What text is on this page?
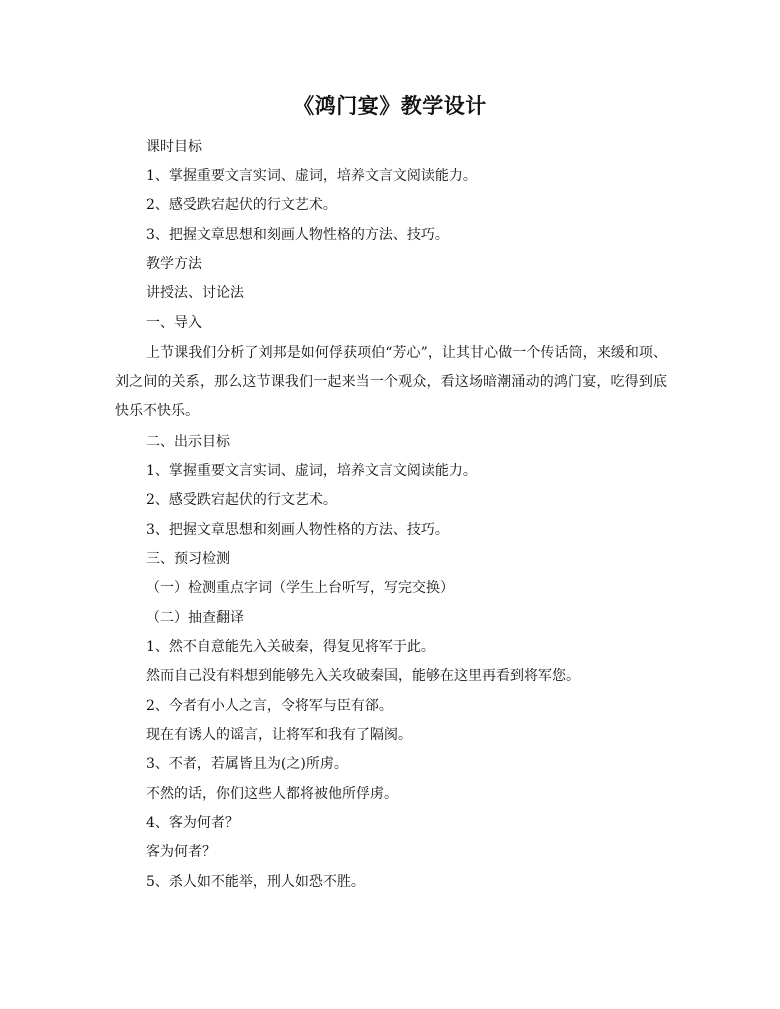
《鸿门宴》教学设计
课时目标
1、掌握重要文言实词、虚词，培养文言文阅读能力。
2、感受跌宕起伏的行文艺术。
3、把握文章思想和刻画人物性格的方法、技巧。
教学方法
讲授法、讨论法
一、导入
上节课我们分析了刘邦是如何俘获项伯“芳心”，让其甘心做一个传话筒，来缓和项、刘之间的关系，那么这节课我们一起来当一个观众，看这场暗潮涌动的鸿门宴，吃得到底快乐不快乐。
二、出示目标
1、掌握重要文言实词、虚词，培养文言文阅读能力。
2、感受跌宕起伏的行文艺术。
3、把握文章思想和刻画人物性格的方法、技巧。
三、预习检测
（一）检测重点字词（学生上台听写，写完交换）
（二）抽查翻译
1、然不自意能先入关破秦，得复见将军于此。
然而自己没有料想到能够先入关攻破秦国，能够在这里再看到将军您。
2、今者有小人之言，令将军与臣有郤。
现在有诱人的谣言，让将军和我有了隔阂。
3、不者，若属皆且为(之)所虏。
不然的话，你们这些人都将被他所俘虏。
4、客为何者？
客为何者？
5、杀人如不能举，刑人如恐不胜。
